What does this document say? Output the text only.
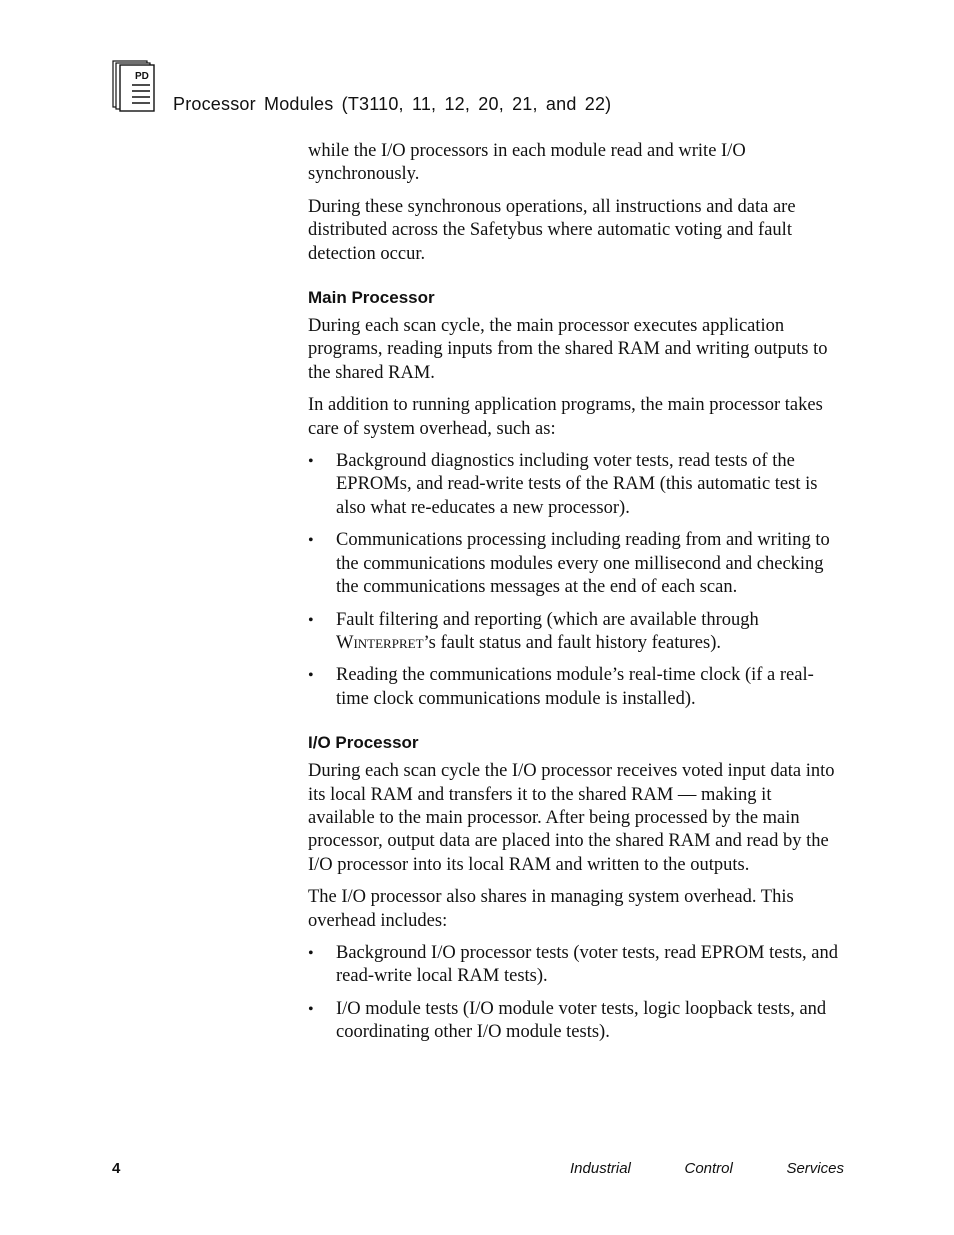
PD
Processor Modules (T3110, 11, 12, 20, 21, and 22)

while the I/O processors in each module read and write I/O synchronously.

During these synchronous operations, all instructions and data are distributed across the Safetybus where automatic voting and fault detection occur.

Main Processor

During each scan cycle, the main processor executes application programs, reading inputs from the shared RAM and writing outputs to the shared RAM.

In addition to running application programs, the main processor takes care of system overhead, such as:

• Background diagnostics including voter tests, read tests of the EPROMs, and read-write tests of the RAM (this automatic test is also what re-educates a new processor).
• Communications processing including reading from and writing to the communications modules every one millisecond and checking the communications messages at the end of each scan.
• Fault filtering and reporting (which are available through Winterpret’s fault status and fault history features).
• Reading the communications module’s real-time clock (if a real-time clock communications module is installed).
I/O Processor

During each scan cycle the I/O processor receives voted input data into its local RAM and transfers it to the shared RAM — making it available to the main processor. After being processed by the main processor, output data are placed into the shared RAM and read by the I/O processor into its local RAM and written to the outputs.

The I/O processor also shares in managing system overhead. This overhead includes:

• Background I/O processor tests (voter tests, read EPROM tests, and read-write local RAM tests).
• I/O module tests (I/O module voter tests, logic loopback tests, and coordinating other I/O module tests).
4	Industrial	Control	Services
